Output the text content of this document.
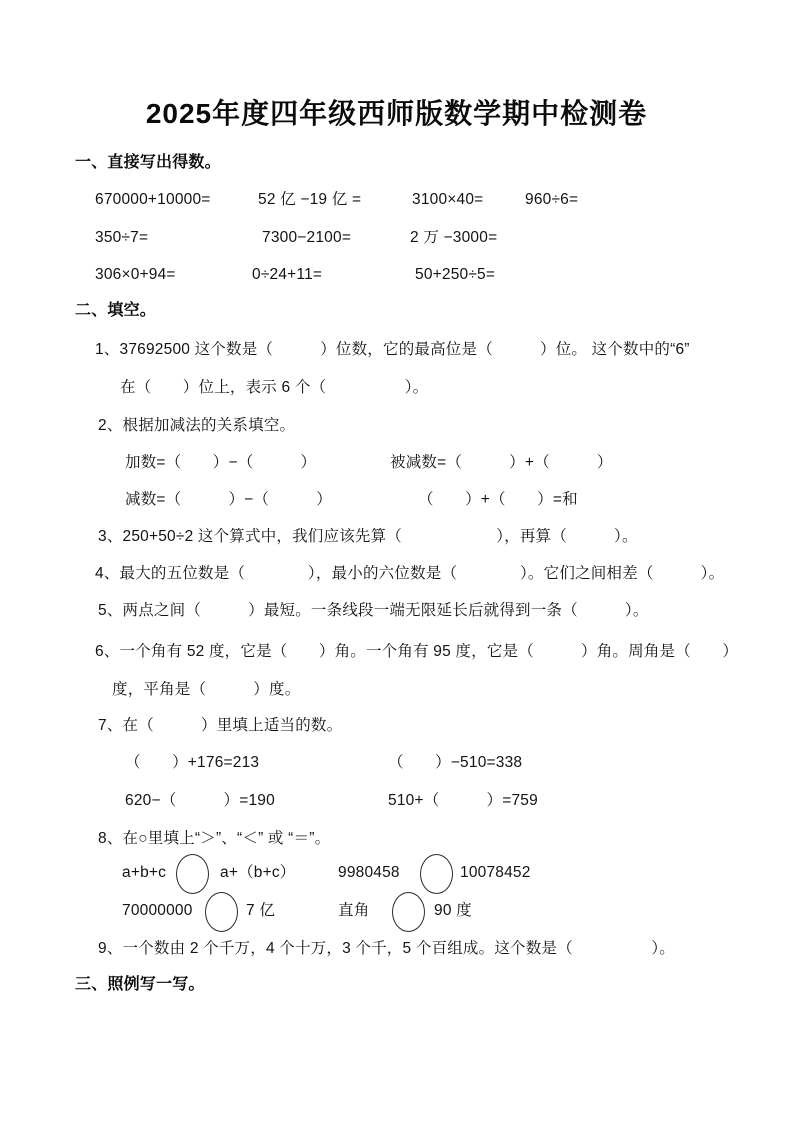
2025年度四年级西师版数学期中检测卷
一、直接写出得数。
670000+10000=	52 亿 −19 亿 =	3100×40=	960÷6=
350÷7=	7300−2100=	2 万 −3000=
306×0+94=	0÷24+11=	50+250÷5=
二、填空。
1、37692500 这个数是（　　　）位数，它的最高位是（　　　）位。 这个数中的“6”
在（　　）位上，表示 6 个（　　　　　）。
2、根据加减法的关系填空。
加数=（　　）−（　　　）	被减数=（　　　）+（　　　）
减数=（　　　）−（　　　）	（　　）+（　　）=和
3、250+50÷2 这个算式中，我们应该先算（　　　　　　），再算（　　　）。
4、最大的五位数是（　　　　），最小的六位数是（　　　　）。它们之间相差（　　　）。
5、两点之间（　　　）最短。一条线段一端无限延长后就得到一条（　　　）。
6、一个角有 52 度，它是（　　）角。一个角有 95 度，它是（　　　）角。周角是（　　）
度，平角是（　　　）度。
7、在（　　　）里填上适当的数。
（　　）+176=213	（　　）−510=338
620−（　　　）=190	510+（　　　）=759
8、在○里填上“＞”、“＜” 或 “＝”。
a+b+c	a+（b+c）	9980458	10078452
70000000	7 亿	直角	90 度
9、一个数由 2 个千万，4 个十万，3 个千，5 个百组成。这个数是（　　　　　）。
三、照例写一写。
